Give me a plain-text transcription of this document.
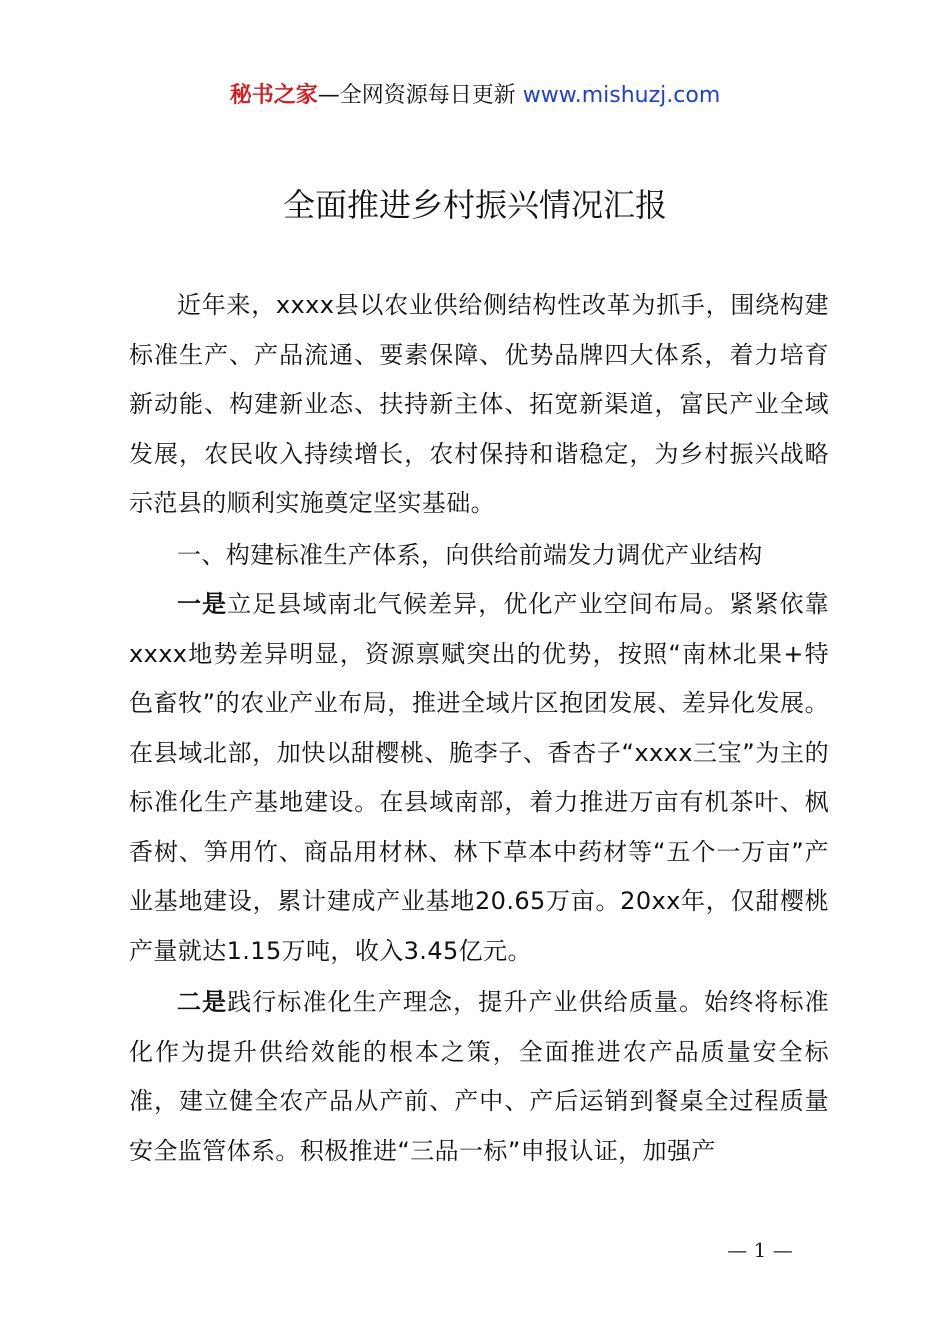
秘书之家—全网资源每日更新 www.mishuzj.com
全面推进乡村振兴情况汇报

近年来，xxxx县以农业供给侧结构性改革为抓手，围绕构建标准生产、产品流通、要素保障、优势品牌四大体系，着力培育新动能、构建新业态、扶持新主体、拓宽新渠道，富民产业全域发展，农民收入持续增长，农村保持和谐稳定，为乡村振兴战略示范县的顺利实施奠定坚实基础。

一、构建标准生产体系，向供给前端发力调优产业结构

一是立足县域南北气候差异，优化产业空间布局。紧紧依靠xxxx地势差异明显，资源禀赋突出的优势，按照“南林北果+特色畜牧”的农业产业布局，推进全域片区抱团发展、差异化发展。在县域北部，加快以甜樱桃、脆李子、香杏子“xxxx三宝”为主的标准化生产基地建设。在县域南部，着力推进万亩有机茶叶、枫香树、笋用竹、商品用材林、林下草本中药材等“五个一万亩”产业基地建设，累计建成产业基地20.65万亩。20xx年，仅甜樱桃产量就达1.15万吨，收入3.45亿元。

二是践行标准化生产理念，提升产业供给质量。始终将标准化作为提升供给效能的根本之策，全面推进农产品质量安全标准，建立健全农产品从产前、产中、产后运销到餐桌全过程质量安全监管体系。积极推进“三品一标”申报认证，加强产

— 1 —
